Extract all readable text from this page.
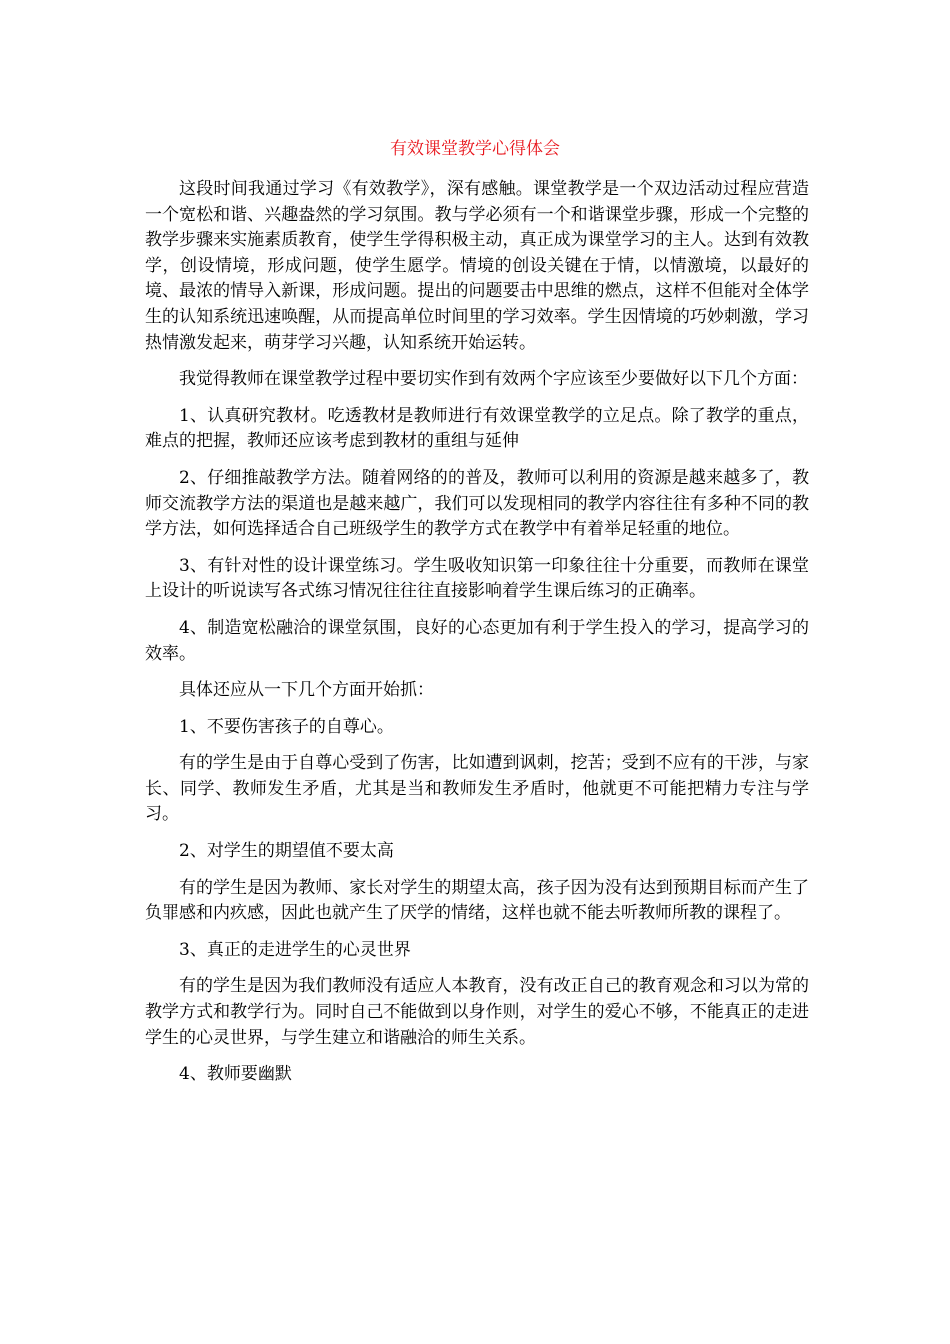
有效课堂教学心得体会

这段时间我通过学习《有效教学》，深有感触。课堂教学是一个双边活动过程应营造一个宽松和谐、兴趣盎然的学习氛围。教与学必须有一个和谐课堂步骤，形成一个完整的教学步骤来实施素质教育，使学生学得积极主动，真正成为课堂学习的主人。达到有效教学，创设情境，形成问题，使学生愿学。情境的创设关键在于情，以情激境，以最好的境、最浓的情导入新课，形成问题。提出的问题要击中思维的燃点，这样不但能对全体学生的认知系统迅速唤醒，从而提高单位时间里的学习效率。学生因情境的巧妙刺激，学习热情激发起来，萌芽学习兴趣，认知系统开始运转。

我觉得教师在课堂教学过程中要切实作到有效两个字应该至少要做好以下几个方面：

1、认真研究教材。吃透教材是教师进行有效课堂教学的立足点。除了教学的重点，难点的把握，教师还应该考虑到教材的重组与延伸

2、仔细推敲教学方法。随着网络的的普及，教师可以利用的资源是越来越多了，教师交流教学方法的渠道也是越来越广，我们可以发现相同的教学内容往往有多种不同的教学方法，如何选择适合自己班级学生的教学方式在教学中有着举足轻重的地位。

3、有针对性的设计课堂练习。学生吸收知识第一印象往往十分重要，而教师在课堂上设计的听说读写各式练习情况往往往直接影响着学生课后练习的正确率。

4、制造宽松融洽的课堂氛围，良好的心态更加有利于学生投入的学习，提高学习的效率。

具体还应从一下几个方面开始抓：

1、不要伤害孩子的自尊心。

有的学生是由于自尊心受到了伤害，比如遭到讽刺，挖苦；受到不应有的干涉，与家长、同学、教师发生矛盾，尤其是当和教师发生矛盾时，他就更不可能把精力专注与学习。

2、对学生的期望值不要太高

有的学生是因为教师、家长对学生的期望太高，孩子因为没有达到预期目标而产生了负罪感和内疚感，因此也就产生了厌学的情绪，这样也就不能去听教师所教的课程了。

3、真正的走进学生的心灵世界

有的学生是因为我们教师没有适应人本教育，没有改正自己的教育观念和习以为常的教学方式和教学行为。同时自己不能做到以身作则，对学生的爱心不够，不能真正的走进学生的心灵世界，与学生建立和谐融洽的师生关系。

4、教师要幽默
